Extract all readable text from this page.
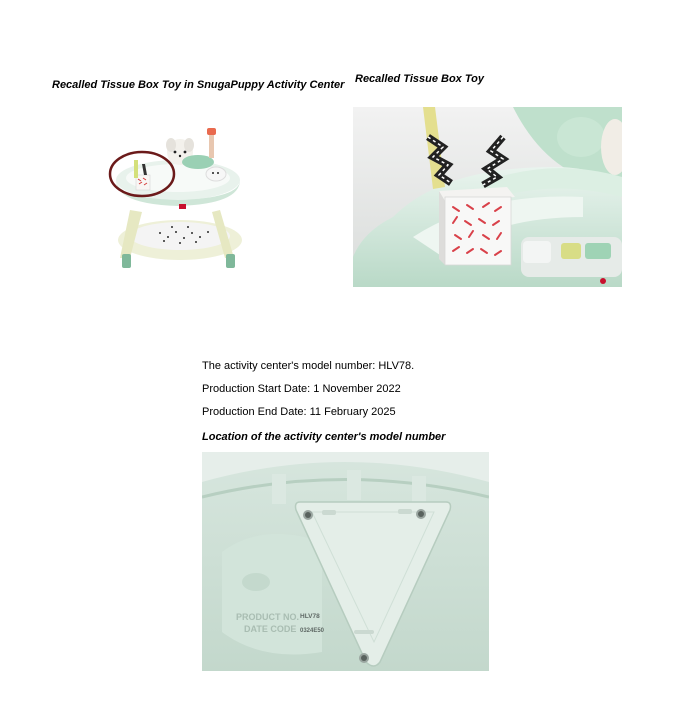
Recalled Tissue Box Toy in SnugaPuppy Activity Center Recalled Tissue Box Toy
The activity center's model number: HLV78.
Production Start Date: 1 November 2022
Production End Date: 11 February 2025
Location of the activity center's model number
PRODUCT NO. HLV78
DATE CODE 0324E50
